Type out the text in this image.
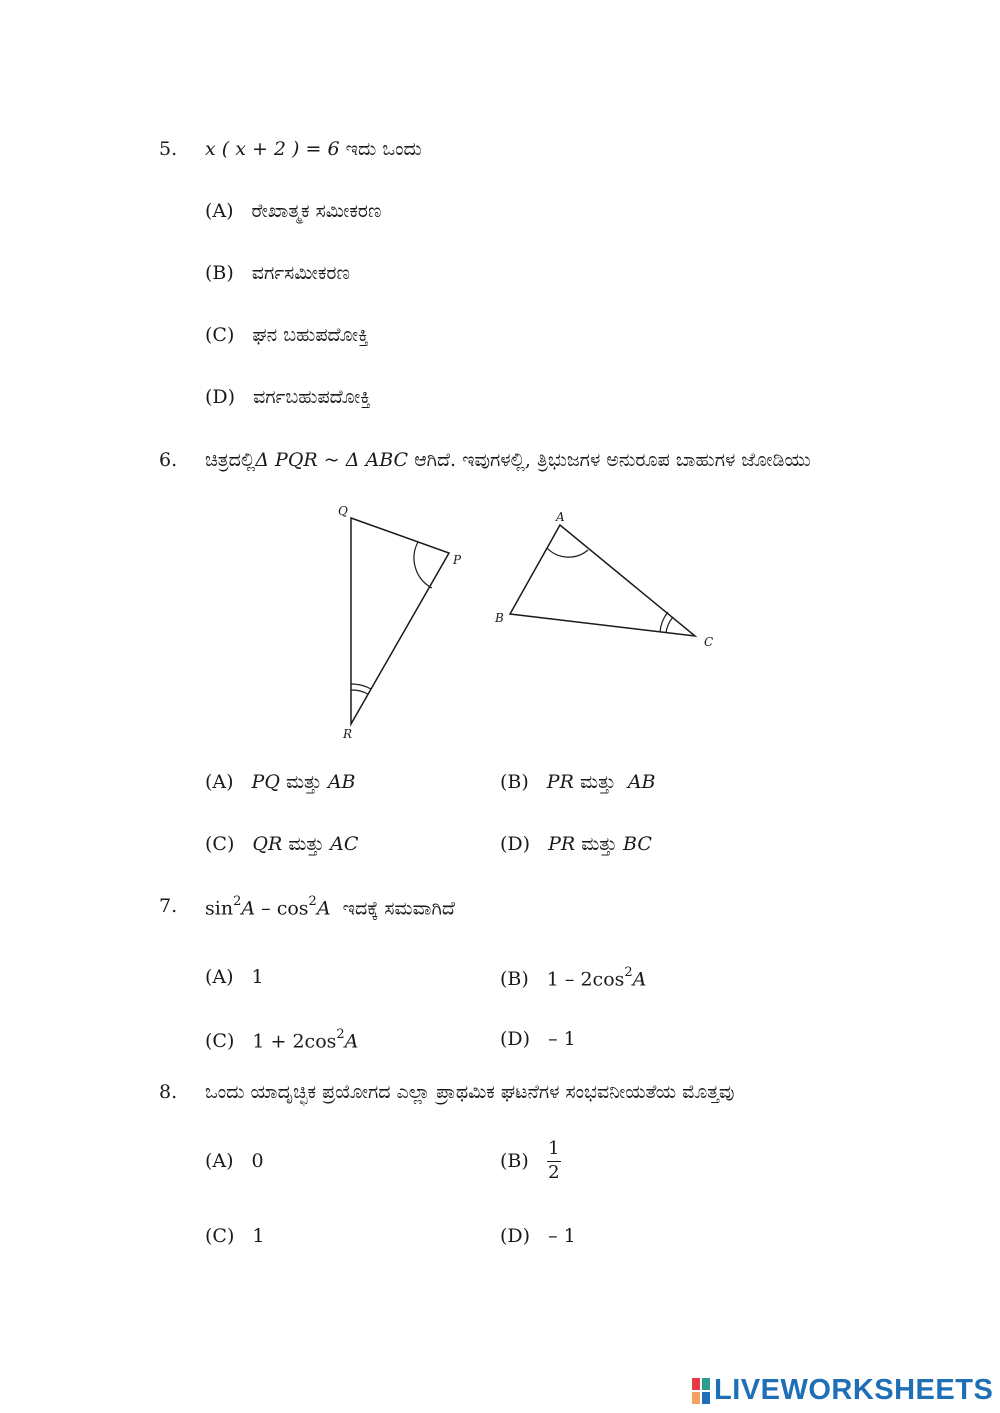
5. x ( x + 2 ) = 6 ಇದು ಒಂದು
(A) ರೇಖಾತ್ಮಕ ಸಮೀಕರಣ
(B) ವರ್ಗಸಮೀಕರಣ
(C) ಘನ ಬಹುಪದೋಕ್ತಿ
(D) ವರ್ಗಬಹುಪದೋಕ್ತಿ
6. ಚಿತ್ರದಲ್ಲಿΔ PQR ~ Δ ABC ಆಗಿದೆ. ಇವುಗಳಲ್ಲಿ, ತ್ರಿಭುಜಗಳ ಅನುರೂಪ ಬಾಹುಗಳ ಜೋಡಿಯು
Q
P
R
A
B
C
(A) PQ ಮತ್ತು AB	(B) PR ಮತ್ತು AB
(C) QR ಮತ್ತು AC	(D) PR ಮತ್ತು BC
7. $\sin^2A - \cos^2A$ ಇದಕ್ಕೆ ಸಮವಾಗಿದೆ
(A) 1	(B) $1 - 2\cos^2A$
(C) $1 + 2\cos^2A$	(D) – 1
8. ಒಂದು ಯಾದೃಚ್ಛಿಕ ಪ್ರಯೋಗದ ಎಲ್ಲಾ ಪ್ರಾಥಮಿಕ ಘಟನೆಗಳ ಸಂಭವನೀಯತೆಯ ಮೊತ್ತವು
(A) 0	$(B) \frac{1}{2}$
(C) 1	(D) – 1
LIVEWORKSHEETS
